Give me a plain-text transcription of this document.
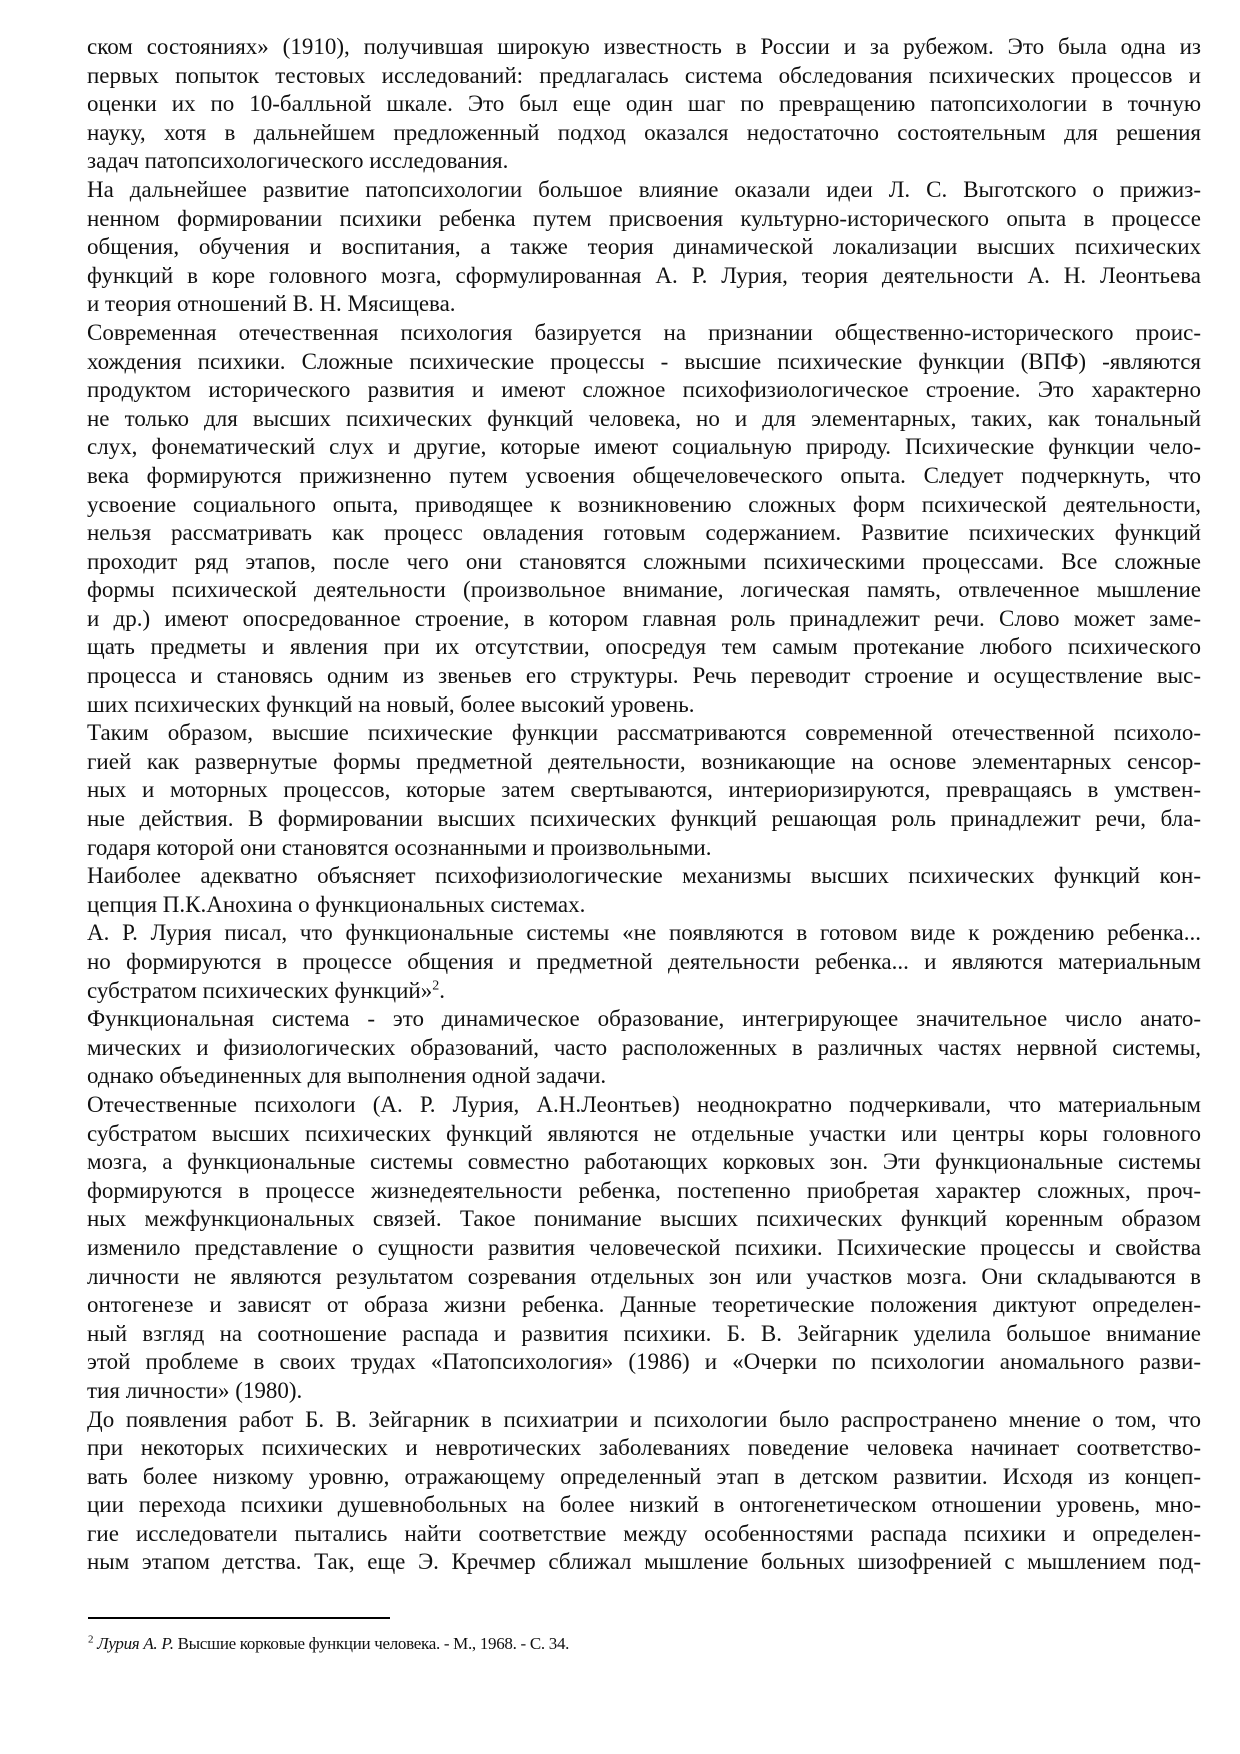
ском состояниях» (1910), получившая широкую известность в России и за рубежом. Это была одна из
первых попыток тестовых исследований: предлагалась система обследования психических процессов и
оценки их по 10-балльной шкале. Это был еще один шаг по превращению патопсихологии в точную
науку, хотя в дальнейшем предложенный подход оказался недостаточно состоятельным для решения
задач патопсихологического исследования.
На дальнейшее развитие патопсихологии большое влияние оказали идеи Л. С. Выготского о прижиз-
ненном формировании психики ребенка путем присвоения культурно-исторического опыта в процессе
общения, обучения и воспитания, а также теория динамической локализации высших психических
функций в коре головного мозга, сформулированная А. Р. Лурия, теория деятельности А. Н. Леонтьева
и теория отношений В. Н. Мясищева.
Современная отечественная психология базируется на признании общественно-исторического проис-
хождения психики. Сложные психические процессы - высшие психические функции (ВПФ) -являются
продуктом исторического развития и имеют сложное психофизиологическое строение. Это характерно
не только для высших психических функций человека, но и для элементарных, таких, как тональный
слух, фонематический слух и другие, которые имеют социальную природу. Психические функции чело-
века формируются прижизненно путем усвоения общечеловеческого опыта. Следует подчеркнуть, что
усвоение социального опыта, приводящее к возникновению сложных форм психической деятельности,
нельзя рассматривать как процесс овладения готовым содержанием. Развитие психических функций
проходит ряд этапов, после чего они становятся сложными психическими процессами. Все сложные
формы психической деятельности (произвольное внимание, логическая память, отвлеченное мышление
и др.) имеют опосредованное строение, в котором главная роль принадлежит речи. Слово может заме-
щать предметы и явления при их отсутствии, опосредуя тем самым протекание любого психического
процесса и становясь одним из звеньев его структуры. Речь переводит строение и осуществление выс-
ших психических функций на новый, более высокий уровень.
Таким образом, высшие психические функции рассматриваются современной отечественной психоло-
гией как развернутые формы предметной деятельности, возникающие на основе элементарных сенсор-
ных и моторных процессов, которые затем свертываются, интериоризируются, превращаясь в умствен-
ные действия. В формировании высших психических функций решающая роль принадлежит речи, бла-
годаря которой они становятся осознанными и произвольными.
Наиболее адекватно объясняет психофизиологические механизмы высших психических функций кон-
цепция П.К.Анохина о функциональных системах.
А. Р. Лурия писал, что функциональные системы «не появляются в готовом виде к рождению ребенка...
но формируются в процессе общения и предметной деятельности ребенка... и являются материальным
субстратом психических функций»$^2$.
Функциональная система - это динамическое образование, интегрирующее значительное число анато-
мических и физиологических образований, часто расположенных в различных частях нервной системы,
однако объединенных для выполнения одной задачи.
Отечественные психологи (А. Р. Лурия, А.Н.Леонтьев) неоднократно подчеркивали, что материальным
субстратом высших психических функций являются не отдельные участки или центры коры головного
мозга, а функциональные системы совместно работающих корковых зон. Эти функциональные системы
формируются в процессе жизнедеятельности ребенка, постепенно приобретая характер сложных, проч-
ных межфункциональных связей. Такое понимание высших психических функций коренным образом
изменило представление о сущности развития человеческой психики. Психические процессы и свойства
личности не являются результатом созревания отдельных зон или участков мозга. Они складываются в
онтогенезе и зависят от образа жизни ребенка. Данные теоретические положения диктуют определен-
ный взгляд на соотношение распада и развития психики. Б. В. Зейгарник уделила большое внимание
этой проблеме в своих трудах «Патопсихология» (1986) и «Очерки по психологии аномального разви-
тия личности» (1980).
До появления работ Б. В. Зейгарник в психиатрии и психологии было распространено мнение о том, что
при некоторых психических и невротических заболеваниях поведение человека начинает соответство-
вать более низкому уровню, отражающему определенный этап в детском развитии. Исходя из концеп-
ции перехода психики душевнобольных на более низкий в онтогенетическом отношении уровень, мно-
гие исследователи пытались найти соответствие между особенностями распада психики и определен-
ным этапом детства. Так, еще Э. Кречмер сближал мышление больных шизофренией с мышлением под-
$^2$ Лурия А. Р. Высшие корковые функции человека. - М., 1968. - С. 34.
